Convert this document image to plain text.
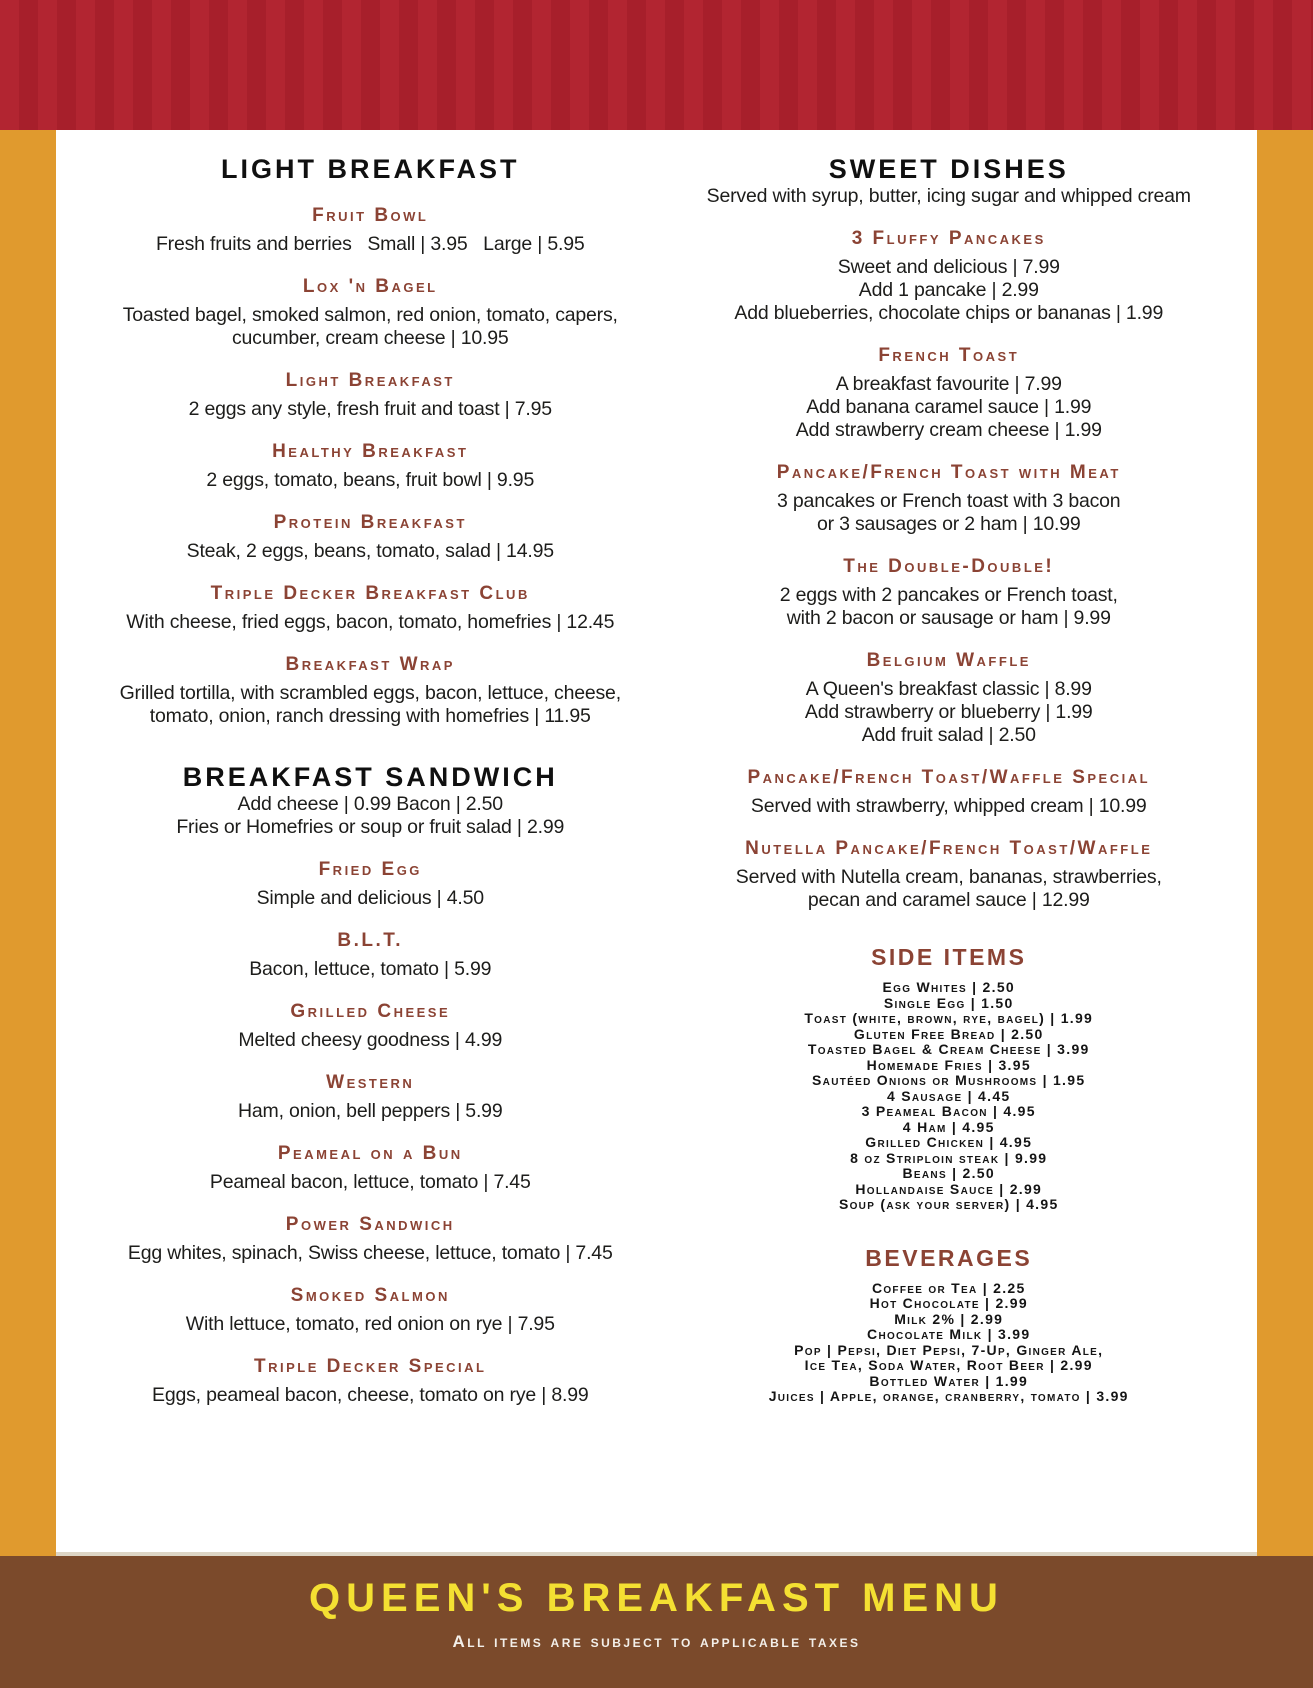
LIGHT BREAKFAST
Fruit Bowl

Fresh fruits and berries   Small | 3.95   Large | 5.95

Lox 'n Bagel

Toasted bagel, smoked salmon, red onion, tomato, capers,

cucumber, cream cheese | 10.95

Light Breakfast

2 eggs any style, fresh fruit and toast | 7.95

Healthy Breakfast

2 eggs, tomato, beans, fruit bowl | 9.95

Protein Breakfast

Steak, 2 eggs, beans, tomato, salad | 14.95

Triple Decker Breakfast Club

With cheese, fried eggs, bacon, tomato, homefries | 12.45

Breakfast Wrap

Grilled tortilla, with scrambled eggs, bacon, lettuce, cheese,

tomato, onion, ranch dressing with homefries | 11.95

BREAKFAST SANDWICH

Add cheese | 0.99 Bacon | 2.50

Fries or Homefries or soup or fruit salad | 2.99

Fried Egg

Simple and delicious | 4.50

B.L.T.

Bacon, lettuce, tomato | 5.99

Grilled Cheese

Melted cheesy goodness | 4.99

Western

Ham, onion, bell peppers | 5.99

Peameal on a Bun

Peameal bacon, lettuce, tomato | 7.45

Power Sandwich

Egg whites, spinach, Swiss cheese, lettuce, tomato | 7.45

Smoked Salmon

With lettuce, tomato, red onion on rye | 7.95

Triple Decker Special

Eggs, peameal bacon, cheese, tomato on rye | 8.99

SWEET DISHES

Served with syrup, butter, icing sugar and whipped cream

3 Fluffy Pancakes

Sweet and delicious | 7.99

Add 1 pancake | 2.99

Add blueberries, chocolate chips or bananas | 1.99

French Toast

A breakfast favourite | 7.99

Add banana caramel sauce | 1.99

Add strawberry cream cheese | 1.99

Pancake/French Toast with Meat

3 pancakes or French toast with 3 bacon

or 3 sausages or 2 ham | 10.99

The Double-Double!

2 eggs with 2 pancakes or French toast,

with 2 bacon or sausage or ham | 9.99

Belgium Waffle

A Queen's breakfast classic | 8.99

Add strawberry or blueberry | 1.99

Add fruit salad | 2.50

Pancake/French Toast/Waffle Special

Served with strawberry, whipped cream | 10.99

Nutella Pancake/French Toast/Waffle

Served with Nutella cream, bananas, strawberries,

pecan and caramel sauce | 12.99

SIDE ITEMS

Egg Whites | 2.50

Single Egg | 1.50

Toast (white, brown, rye, bagel) | 1.99

Gluten Free Bread | 2.50

Toasted Bagel & Cream Cheese | 3.99

Homemade Fries | 3.95

Sautéed Onions or Mushrooms | 1.95

4 Sausage | 4.45

3 Peameal Bacon | 4.95

4 Ham | 4.95

Grilled Chicken | 4.95

8 oz Striploin steak | 9.99

Beans | 2.50

Hollandaise Sauce | 2.99

Soup (ask your server) | 4.95

BEVERAGES

Coffee or Tea | 2.25

Hot Chocolate | 2.99

Milk 2% | 2.99

Chocolate Milk | 3.99

Pop | Pepsi, Diet Pepsi, 7-Up, Ginger Ale,

Ice Tea, Soda Water, Root Beer | 2.99

Bottled Water | 1.99

Juices | Apple, orange, cranberry, tomato | 3.99

QUEEN'S BREAKFAST MENU

All items are subject to applicable taxes
